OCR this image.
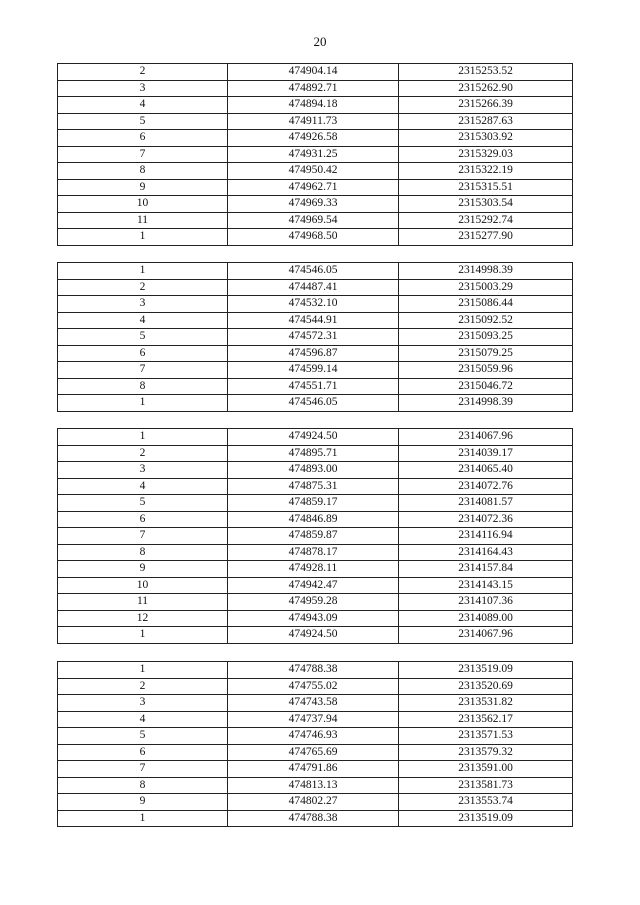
20
2	474904.14	2315253.52
3	474892.71	2315262.90
4	474894.18	2315266.39
5	474911.73	2315287.63
6	474926.58	2315303.92
7	474931.25	2315329.03
8	474950.42	2315322.19
9	474962.71	2315315.51
10	474969.33	2315303.54
11	474969.54	2315292.74
1	474968.50	2315277.90
1	474546.05	2314998.39
2	474487.41	2315003.29
3	474532.10	2315086.44
4	474544.91	2315092.52
5	474572.31	2315093.25
6	474596.87	2315079.25
7	474599.14	2315059.96
8	474551.71	2315046.72
1	474546.05	2314998.39
1	474924.50	2314067.96
2	474895.71	2314039.17
3	474893.00	2314065.40
4	474875.31	2314072.76
5	474859.17	2314081.57
6	474846.89	2314072.36
7	474859.87	2314116.94
8	474878.17	2314164.43
9	474928.11	2314157.84
10	474942.47	2314143.15
11	474959.28	2314107.36
12	474943.09	2314089.00
1	474924.50	2314067.96
1	474788.38	2313519.09
2	474755.02	2313520.69
3	474743.58	2313531.82
4	474737.94	2313562.17
5	474746.93	2313571.53
6	474765.69	2313579.32
7	474791.86	2313591.00
8	474813.13	2313581.73
9	474802.27	2313553.74
1	474788.38	2313519.09
